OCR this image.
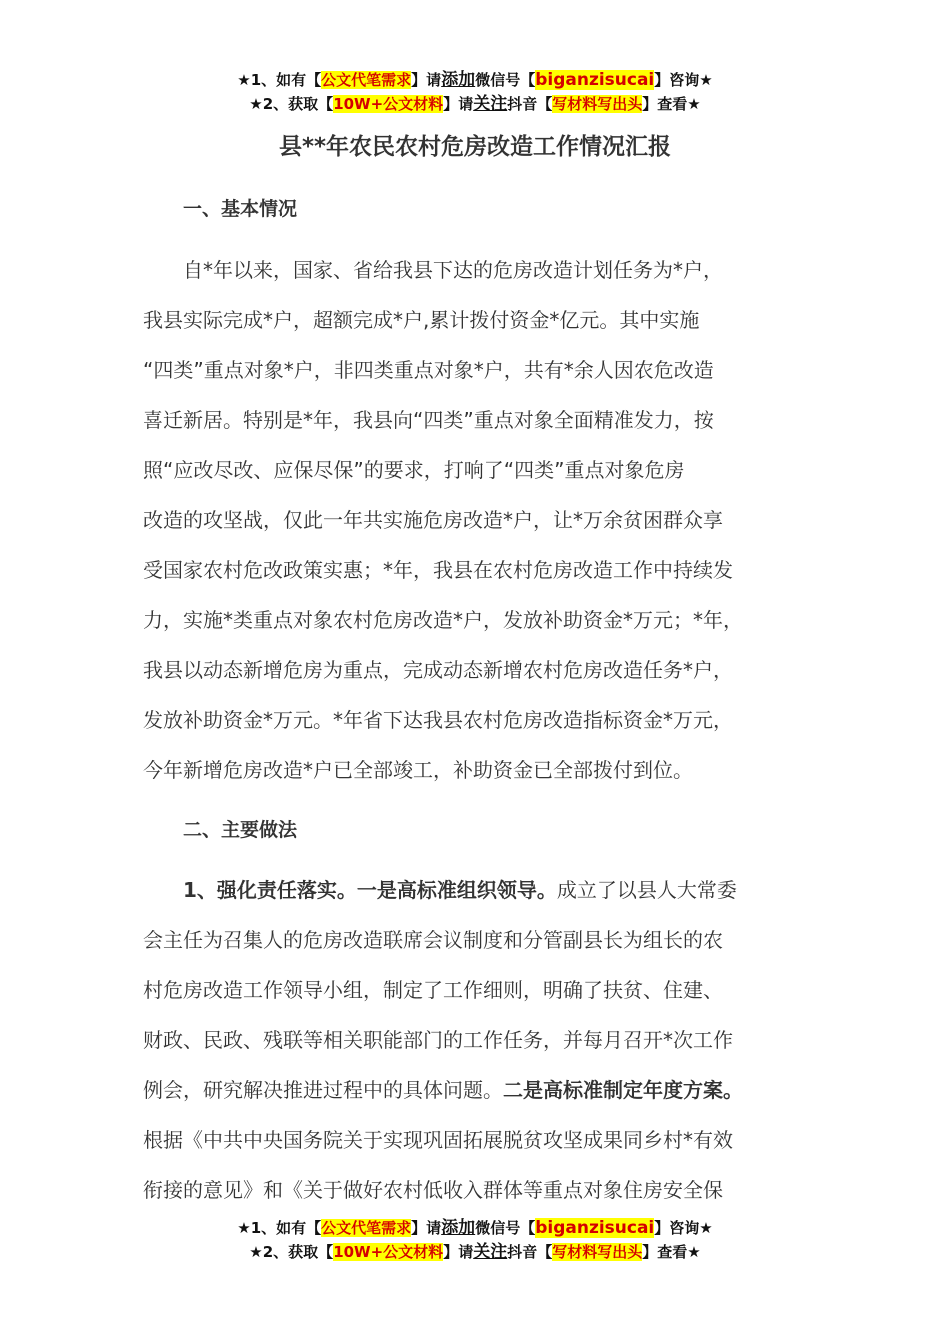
★1、如有【公文代笔需求】请添加微信号【biganzisucai】咨询★
★2、获取【10W+公文材料】请关注抖音【写材料写出头】查看★
县**年农民农村危房改造工作情况汇报
一、基本情况
自*年以来，国家、省给我县下达的危房改造计划任务为*户，
我县实际完成*户，超额完成*户,累计拨付资金*亿元。其中实施
“四类”重点对象*户，非四类重点对象*户，共有*余人因农危改造
喜迁新居。特别是*年，我县向“四类”重点对象全面精准发力，按
照“应改尽改、应保尽保”的要求，打响了“四类”重点对象危房
改造的攻坚战，仅此一年共实施危房改造*户，让*万余贫困群众享
受国家农村危改政策实惠；*年，我县在农村危房改造工作中持续发
力，实施*类重点对象农村危房改造*户，发放补助资金*万元；*年，
我县以动态新增危房为重点，完成动态新增农村危房改造任务*户，
发放补助资金*万元。*年省下达我县农村危房改造指标资金*万元，
今年新增危房改造*户已全部竣工，补助资金已全部拨付到位。
二、主要做法
1、强化责任落实。一是高标准组织领导。成立了以县人大常委
会主任为召集人的危房改造联席会议制度和分管副县长为组长的农
村危房改造工作领导小组，制定了工作细则，明确了扶贫、住建、
财政、民政、残联等相关职能部门的工作任务，并每月召开*次工作
例会，研究解决推进过程中的具体问题。二是高标准制定年度方案。
根据《中共中央国务院关于实现巩固拓展脱贫攻坚成果同乡村*有效
衔接的意见》和《关于做好农村低收入群体等重点对象住房安全保
★1、如有【公文代笔需求】请添加微信号【biganzisucai】咨询★
★2、获取【10W+公文材料】请关注抖音【写材料写出头】查看★
